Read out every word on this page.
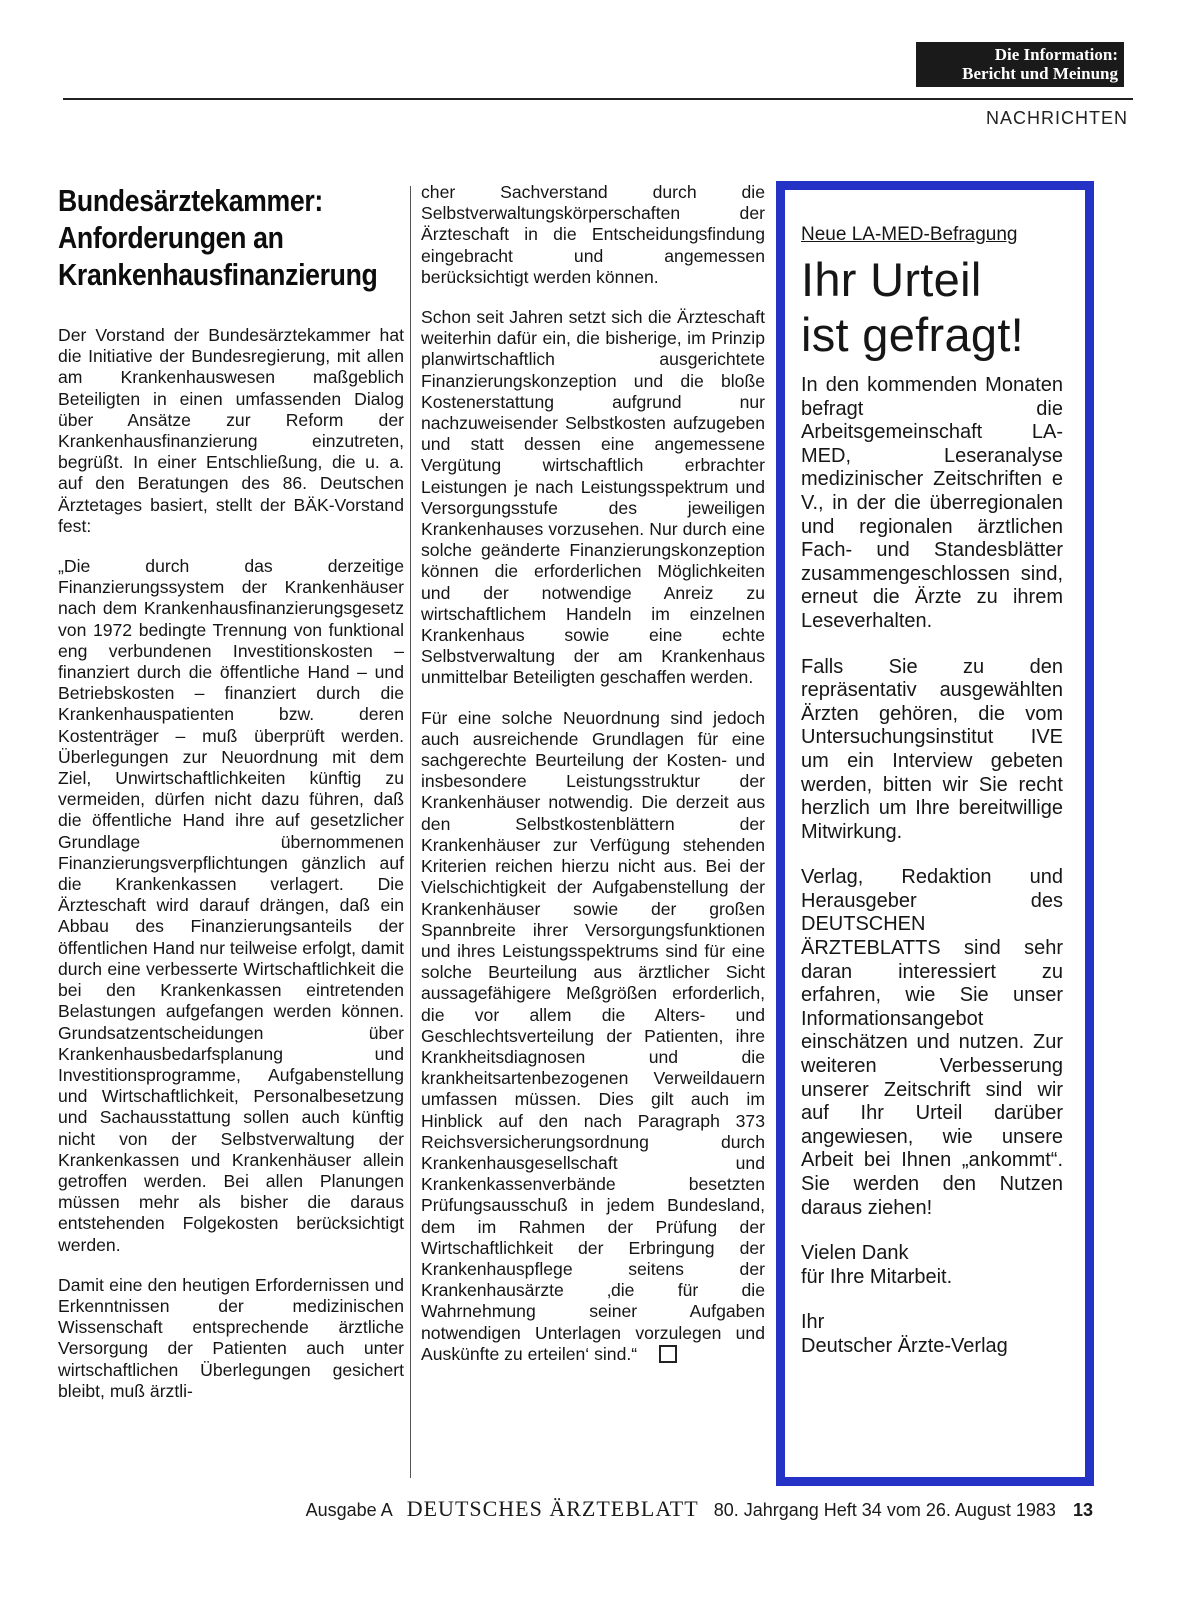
Die Information:
Bericht und Meinung
NACHRICHTEN
Bundesärztekammer:
Anforderungen an
Krankenhausfinanzierung

Der Vorstand der Bundesärztekammer hat die Initiative der Bundesregierung, mit allen am Krankenhauswesen maßgeblich Beteiligten in einen umfassenden Dialog über Ansätze zur Reform der Krankenhausfinanzierung einzutreten, begrüßt. In einer Entschließung, die u. a. auf den Beratungen des 86. Deutschen Ärztetages basiert, stellt der BÄK-Vorstand fest:

„Die durch das derzeitige Finanzierungssystem der Krankenhäuser nach dem Krankenhausfinanzierungsgesetz von 1972 bedingte Trennung von funktional eng verbundenen Investitionskosten – finanziert durch die öffentliche Hand – und Betriebskosten – finanziert durch die Krankenhauspatienten bzw. deren Kostenträger – muß überprüft werden. Überlegungen zur Neuordnung mit dem Ziel, Unwirtschaftlichkeiten künftig zu vermeiden, dürfen nicht dazu führen, daß die öffentliche Hand ihre auf gesetzlicher Grundlage übernommenen Finanzierungsverpflichtungen gänzlich auf die Krankenkassen verlagert. Die Ärzteschaft wird darauf drängen, daß ein Abbau des Finanzierungsanteils der öffentlichen Hand nur teilweise erfolgt, damit durch eine verbesserte Wirtschaftlichkeit die bei den Krankenkassen eintretenden Belastungen aufgefangen werden können. Grundsatzentscheidungen über Krankenhausbedarfsplanung und Investitionsprogramme, Aufgabenstellung und Wirtschaftlichkeit, Personalbesetzung und Sachausstattung sollen auch künftig nicht von der Selbstverwaltung der Krankenkassen und Krankenhäuser allein getroffen werden. Bei allen Planungen müssen mehr als bisher die daraus entstehenden Folgekosten berücksichtigt werden.

Damit eine den heutigen Erfordernissen und Erkenntnissen der medizinischen Wissenschaft entsprechende ärztliche Versorgung der Patienten auch unter wirtschaftlichen Überlegungen gesichert bleibt, muß ärztli-

cher Sachverstand durch die Selbstverwaltungskörperschaften der Ärzteschaft in die Entscheidungsfindung eingebracht und angemessen berücksichtigt werden können.

Schon seit Jahren setzt sich die Ärzteschaft weiterhin dafür ein, die bisherige, im Prinzip planwirtschaftlich ausgerichtete Finanzierungskonzeption und die bloße Kostenerstattung aufgrund nur nachzuweisender Selbstkosten aufzugeben und statt dessen eine angemessene Vergütung wirtschaftlich erbrachter Leistungen je nach Leistungsspektrum und Versorgungsstufe des jeweiligen Krankenhauses vorzusehen. Nur durch eine solche geänderte Finanzierungskonzeption können die erforderlichen Möglichkeiten und der notwendige Anreiz zu wirtschaftlichem Handeln im einzelnen Krankenhaus sowie eine echte Selbstverwaltung der am Krankenhaus unmittelbar Beteiligten geschaffen werden.

Für eine solche Neuordnung sind jedoch auch ausreichende Grundlagen für eine sachgerechte Beurteilung der Kosten- und insbesondere Leistungsstruktur der Krankenhäuser notwendig. Die derzeit aus den Selbstkostenblättern der Krankenhäuser zur Verfügung stehenden Kriterien reichen hierzu nicht aus. Bei der Vielschichtigkeit der Aufgabenstellung der Krankenhäuser sowie der großen Spannbreite ihrer Versorgungsfunktionen und ihres Leistungsspektrums sind für eine solche Beurteilung aus ärztlicher Sicht aussagefähigere Meßgrößen erforderlich, die vor allem die Alters- und Geschlechtsverteilung der Patienten, ihre Krankheitsdiagnosen und die krankheitsartenbezogenen Verweildauern umfassen müssen. Dies gilt auch im Hinblick auf den nach Paragraph 373 Reichsversicherungsordnung durch Krankenhausgesellschaft und Krankenkassenverbände besetzten Prüfungsausschuß in jedem Bundesland, dem im Rahmen der Prüfung der Wirtschaftlichkeit der Erbringung der Krankenhauspflege seitens der Krankenhausärzte ‚die für die Wahrnehmung seiner Aufgaben notwendigen Unterlagen vorzulegen und Auskünfte zu erteilen‘ sind.“

Neue LA-MED-Befragung
Ihr Urteil
ist gefragt!

In den kommenden Monaten befragt die Arbeitsgemeinschaft LA-MED, Leseranalyse medizinischer Zeitschriften e V., in der die überregionalen und regionalen ärztlichen Fach- und Standesblätter zusammengeschlossen sind, erneut die Ärzte zu ihrem Leseverhalten.

Falls Sie zu den repräsentativ ausgewählten Ärzten gehören, die vom Untersuchungsinstitut IVE um ein Interview gebeten werden, bitten wir Sie recht herzlich um Ihre bereitwillige Mitwirkung.

Verlag, Redaktion und Herausgeber des DEUTSCHEN ÄRZTEBLATTS sind sehr daran interessiert zu erfahren, wie Sie unser Informationsangebot einschätzen und nutzen. Zur weiteren Verbesserung unserer Zeitschrift sind wir auf Ihr Urteil darüber angewiesen, wie unsere Arbeit bei Ihnen „ankommt“. Sie werden den Nutzen daraus ziehen!

Vielen Dank
für Ihre Mitarbeit.

Ihr
Deutscher Ärzte-Verlag

Ausgabe A DEUTSCHES ÄRZTEBLATT 80. Jahrgang Heft 34 vom 26. August 1983 13
